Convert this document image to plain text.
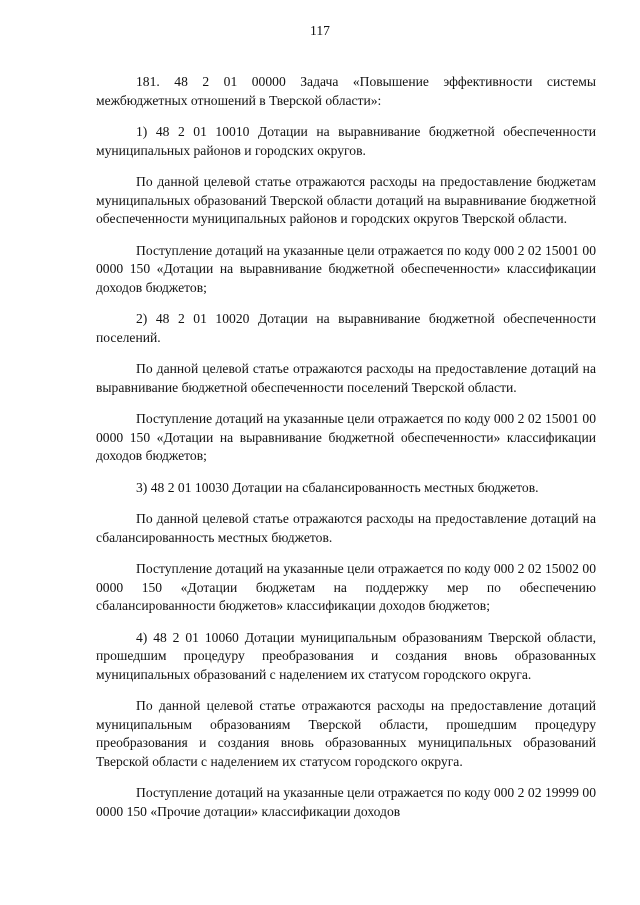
117

181. 48 2 01 00000 Задача «Повышение эффективности системы межбюджетных отношений в Тверской области»:

1) 48 2 01 10010 Дотации на выравнивание бюджетной обеспеченности муниципальных районов и городских округов.

По данной целевой статье отражаются расходы на предоставление бюджетам муниципальных образований Тверской области дотаций на выравнивание бюджетной обеспеченности муниципальных районов и городских округов Тверской области.

Поступление дотаций на указанные цели отражается по коду 000 2 02 15001 00 0000 150 «Дотации на выравнивание бюджетной обеспеченности» классификации доходов бюджетов;

2) 48 2 01 10020 Дотации на выравнивание бюджетной обеспеченности поселений.

По данной целевой статье отражаются расходы на предоставление дотаций на выравнивание бюджетной обеспеченности поселений Тверской области.

Поступление дотаций на указанные цели отражается по коду 000 2 02 15001 00 0000 150 «Дотации на выравнивание бюджетной обеспеченности» классификации доходов бюджетов;

3) 48 2 01 10030 Дотации на сбалансированность местных бюджетов.

По данной целевой статье отражаются расходы на предоставление дотаций на сбалансированность местных бюджетов.

Поступление дотаций на указанные цели отражается по коду 000 2 02 15002 00 0000 150 «Дотации бюджетам на поддержку мер по обеспечению сбалансированности бюджетов» классификации доходов бюджетов;

4) 48 2 01 10060 Дотации муниципальным образованиям Тверской области, прошедшим процедуру преобразования и создания вновь образованных муниципальных образований с наделением их статусом городского округа.

По данной целевой статье отражаются расходы на предоставление дотаций муниципальным образованиям Тверской области, прошедшим процедуру преобразования и создания вновь образованных муниципальных образований Тверской области с наделением их статусом городского округа.

Поступление дотаций на указанные цели отражается по коду 000 2 02 19999 00 0000 150 «Прочие дотации» классификации доходов
